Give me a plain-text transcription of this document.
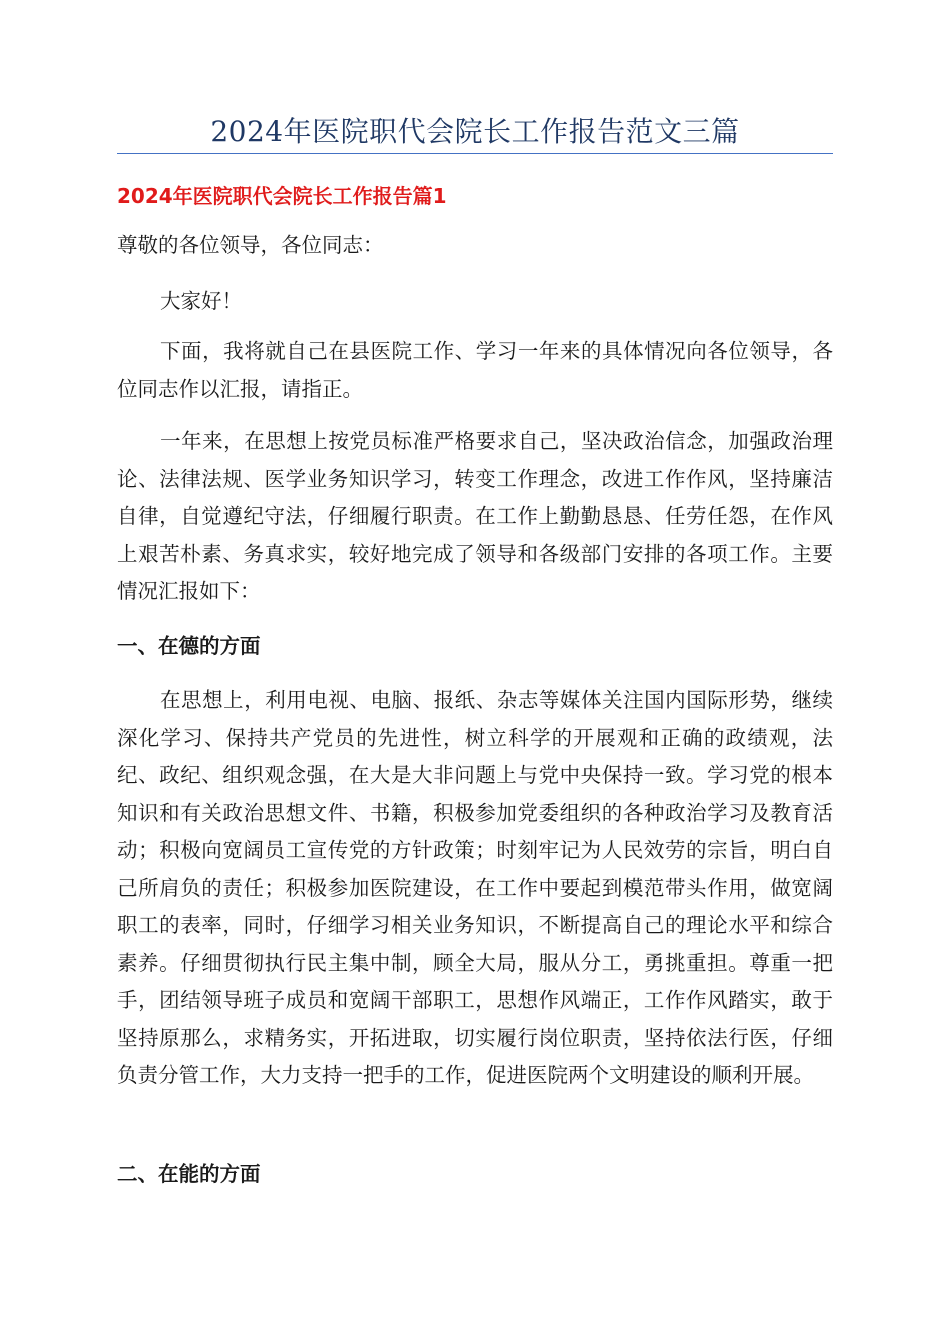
2024年医院职代会院长工作报告范文三篇
2024年医院职代会院长工作报告篇1

尊敬的各位领导，各位同志：

大家好！

下面，我将就自己在县医院工作、学习一年来的具体情况向各位领导，各位同志作以汇报，请指正。

一年来，在思想上按党员标准严格要求自己，坚决政治信念，加强政治理论、法律法规、医学业务知识学习，转变工作理念，改进工作作风，坚持廉洁自律，自觉遵纪守法，仔细履行职责。在工作上勤勤恳恳、任劳任怨，在作风上艰苦朴素、务真求实，较好地完成了领导和各级部门安排的各项工作。主要情况汇报如下：

一、在德的方面

在思想上，利用电视、电脑、报纸、杂志等媒体关注国内国际形势，继续深化学习、保持共产党员的先进性，树立科学的开展观和正确的政绩观，法纪、政纪、组织观念强，在大是大非问题上与党中央保持一致。学习党的根本知识和有关政治思想文件、书籍，积极参加党委组织的各种政治学习及教育活动；积极向宽阔员工宣传党的方针政策；时刻牢记为人民效劳的宗旨，明白自己所肩负的责任；积极参加医院建设，在工作中要起到模范带头作用，做宽阔职工的表率，同时，仔细学习相关业务知识，不断提高自己的理论水平和综合素养。仔细贯彻执行民主集中制，顾全大局，服从分工，勇挑重担。尊重一把手，团结领导班子成员和宽阔干部职工，思想作风端正，工作作风踏实，敢于坚持原那么，求精务实，开拓进取，切实履行岗位职责，坚持依法行医，仔细负责分管工作，大力支持一把手的工作，促进医院两个文明建设的顺利开展。

二、在能的方面
